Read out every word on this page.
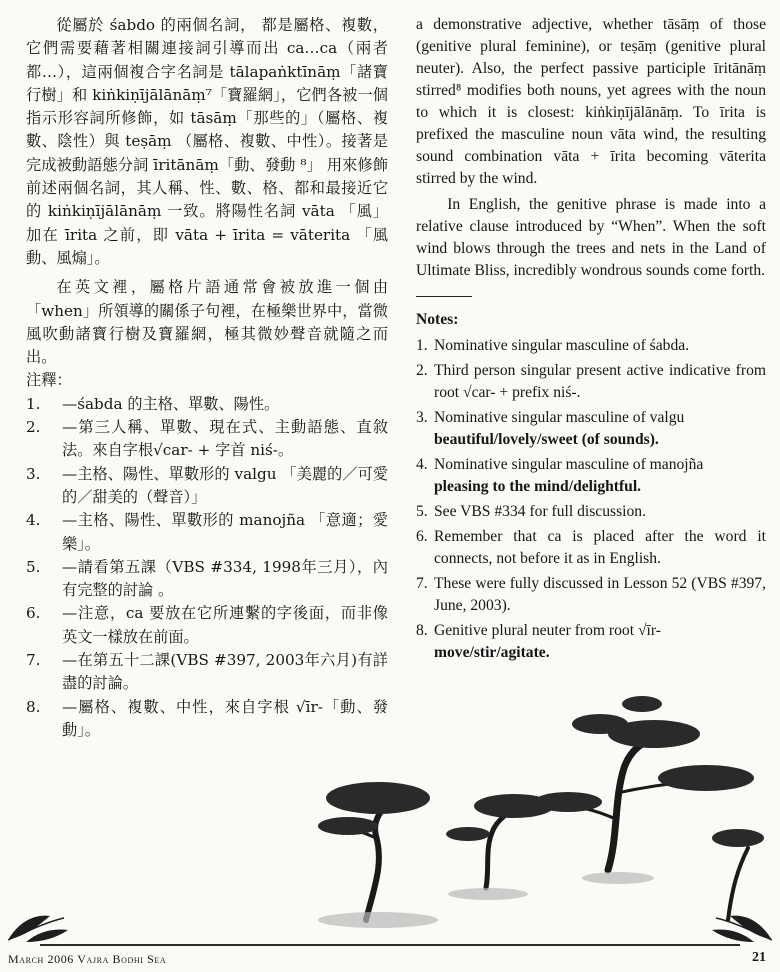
從屬於 śabdo 的兩個名詞， 都是屬格、複數，它們需要藉著相關連接詞引導而出 ca…ca（兩者都…），這兩個複合字名詞是 tālapaṅktīnāṃ「諸寶行樹」和 kiṅkiṇījālānāṃ⁷「寶羅網」，它們各被一個指示形容詞所修飾，如 tāsāṃ「那些的」（屬格、複數、陰性）與 teṣāṃ （屬格、複數、中性）。接著是完成被動語態分詞 īritānāṃ「動、發動 ⁸」 用來修飾前述兩個名詞，其人稱、性、數、格、都和最接近它的 kiṅkiṇījālānāṃ 一致。將陽性名詞 vāta 「風」加在 īrita 之前，即 vāta + īrita = vāterita 「風動、風煽」。

在英文裡，屬格片語通常會被放進一個由「when」所領導的關係子句裡，在極樂世界中，當微風吹動諸寶行樹及寶羅網，極其微妙聲音就隨之而出。

注釋：

1.	—śabda 的主格、單數、陽性。
2.	—第三人稱、單數、現在式、主動語態、直敘法。來自字根√car- + 字首 niś-。
3.	—主格、陽性、單數形的 valgu 「美麗的／可愛的／甜美的（聲音）」
4.	—主格、陽性、單數形的 manojña 「意適；愛樂」。
5.	—請看第五課（VBS #334, 1998年三月），內有完整的討論 。
6.	—注意，ca 要放在它所連繫的字後面，而非像英文一樣放在前面。
7.	—在第五十二課(VBS #397, 2003年六月)有詳盡的討論。
8.	—屬格、複數、中性，來自字根 √īr-「動、發動」。

a demonstrative adjective, whether tāsāṃ of those (genitive plural feminine), or teṣāṃ (genitive plural neuter). Also, the perfect passive participle īritānāṃ stirred⁸ modifies both nouns, yet agrees with the noun to which it is closest: kiṅkiṇījālānāṃ. To īrita is prefixed the masculine noun vāta wind, the resulting sound combination vāta + īrita becoming vāterita stirred by the wind.

In English, the genitive phrase is made into a relative clause introduced by “When”. When the soft wind blows through the trees and nets in the Land of Ultimate Bliss, incredibly wondrous sounds come forth.

Notes:

1. Nominative singular masculine of śabda.
2. Third person singular present active indicative from root √car- + prefix niś-.
3. Nominative singular masculine of valgu
beautiful/lovely/sweet (of sounds).
4. Nominative singular masculine of manojña
pleasing to the mind/delightful.
5. See VBS #334 for full discussion.
6. Remember that ca is placed after the word it connects, not before it as in English.
7. These were fully discussed in Lesson 52 (VBS #397, June, 2003).
8. Genitive plural neuter from root √īr-
move/stir/agitate.
March 2006 Vajra Bodhi Sea	21
